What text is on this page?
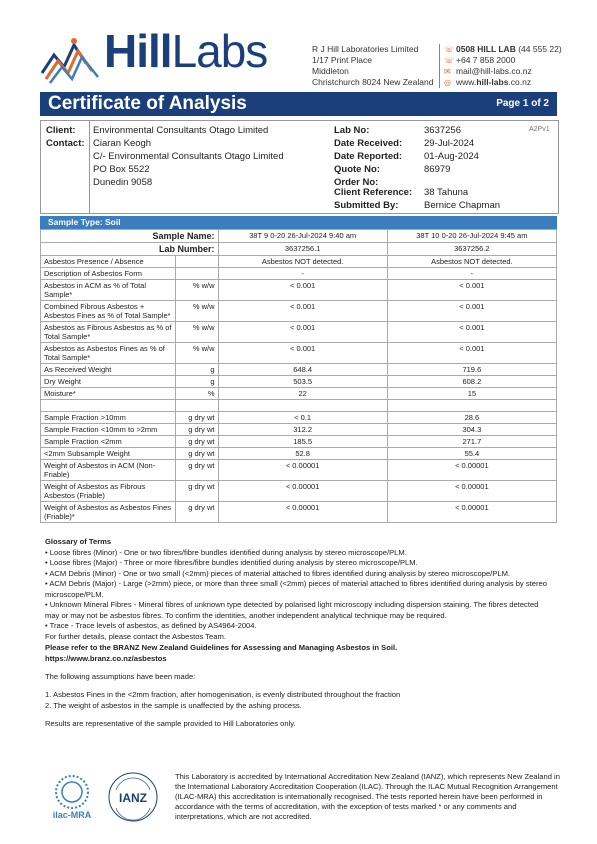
HillLabs	R J Hill Laboratories Limited
1/17 Print Place
Middleton
Christchurch 8024 New Zealand
☏ 0508 HILL LAB (44 555 22)
☏ +64 7 858 2000
✉ mail@hill-labs.co.nz
◎ www.hill-labs.co.nz
Certificate of Analysis	Page 1 of 2
Client: Environmental Consultants Otago Limited
Contact: Ciaran Keogh
C/- Environmental Consultants Otago Limited
PO Box 5522
Dunedin 9058
Lab No:	3637256	A2Pv1
Date Received: 29-Jul-2024
Date Reported: 01-Aug-2024
Quote No:	86979
Order No:
Client Reference: 38 Tahuna
Submitted By:	Bernice Chapman
Sample Type: Soil
Sample Name:		38T 9 0-20 26-Jul-2024 9:40 am	38T 10 0-20 26-Jul-2024 9:45 am
Lab Number:		3637256.1	3637256.2
Asbestos Presence / Absence		Asbestos NOT detected.	Asbestos NOT detected.
Description of Asbestos Form		-	-
Asbestos in ACM as % of Total Sample*	% w/w	< 0.001	< 0.001
Combined Fibrous Asbestos + Asbestos Fines as % of Total Sample*	% w/w	< 0.001	< 0.001
Asbestos as Fibrous Asbestos as % of Total Sample*	% w/w	< 0.001	< 0.001
Asbestos as Asbestos Fines as % of Total Sample*	% w/w	< 0.001	< 0.001
As Received Weight	g	648.4	719.6
Dry Weight	g	503.5	608.2
Moisture*	%	22	15

Sample Fraction >10mm	g dry wt	< 0.1	28.6
Sample Fraction <10mm to >2mm	g dry wt	312.2	304.3
Sample Fraction <2mm	g dry wt	185.5	271.7
<2mm Subsample Weight	g dry wt	52.8	55.4
Weight of Asbestos in ACM (Non-Friable)	g dry wt	< 0.00001	< 0.00001
Weight of Asbestos as Fibrous Asbestos (Friable)	g dry wt	< 0.00001	< 0.00001
Weight of Asbestos as Asbestos Fines (Friable)*	g dry wt	< 0.00001	< 0.00001
Glossary of Terms
• Loose fibres (Minor) - One or two fibres/fibre bundles identified during analysis by stereo microscope/PLM.
• Loose fibres (Major) - Three or more fibres/fibre bundles identified during analysis by stereo microscope/PLM.
• ACM Debris (Minor) - One or two small (<2mm) pieces of material attached to fibres identified during analysis by stereo microscope/PLM.
• ACM Debris (Major) - Large (>2mm) piece, or more than three small (<2mm) pieces of material attached to fibres identified during analysis by stereo microscope/PLM.
• Unknown Mineral Fibres - Mineral fibres of unknown type detected by polarised light microscopy including dispersion staining. The fibres detected may or may not be asbestos fibres. To confirm the identities, another independent analytical technique may be required.
• Trace - Trace levels of asbestos, as defined by AS4964-2004.
For further details, please contact the Asbestos Team.
Please refer to the BRANZ New Zealand Guidelines for Assessing and Managing Asbestos in Soil.
https://www.branz.co.nz/asbestos
The following assumptions have been made:
1. Asbestos Fines in the <2mm fraction, after homogenisation, is evenly distributed throughout the fraction
2. The weight of asbestos in the sample is unaffected by the ashing process.
Results are representative of the sample provided to Hill Laboratories only.
ilac-MRA
IANZ
This Laboratory is accredited by International Accreditation New Zealand (IANZ), which represents New Zealand in the International Laboratory Accreditation Cooperation (ILAC). Through the ILAC Mutual Recognition Arrangement (ILAC-MRA) this accreditation is internationally recognised. The tests reported herein have been performed in accordance with the terms of accreditation, with the exception of tests marked * or any comments and interpretations, which are not accredited.
